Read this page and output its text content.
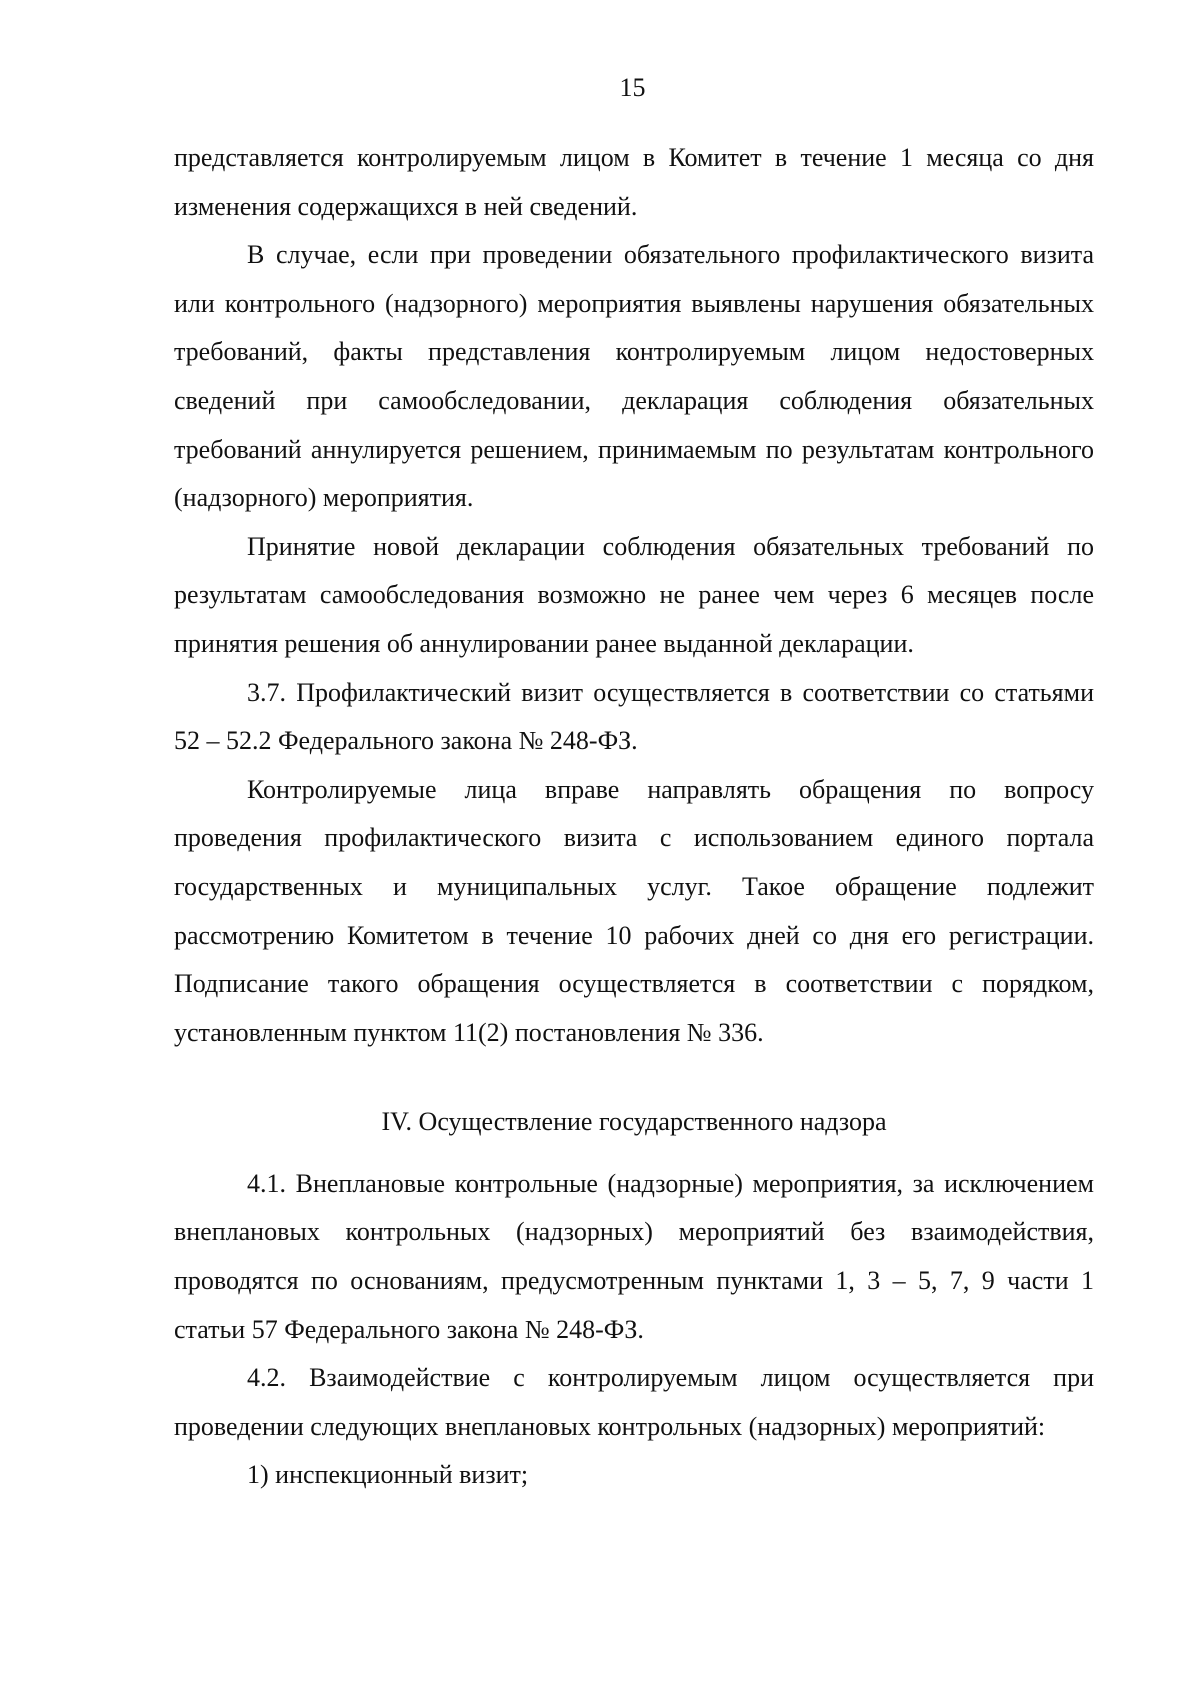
15

представляется контролируемым лицом в Комитет в течение 1 месяца со дня изменения содержащихся в ней сведений.

В случае, если при проведении обязательного профилактического визита или контрольного (надзорного) мероприятия выявлены нарушения обязательных требований, факты представления контролируемым лицом недостоверных сведений при самообследовании, декларация соблюдения обязательных требований аннулируется решением, принимаемым по результатам контрольного (надзорного) мероприятия.

Принятие новой декларации соблюдения обязательных требований по результатам самообследования возможно не ранее чем через 6 месяцев после принятия решения об аннулировании ранее выданной декларации.

3.7. Профилактический визит осуществляется в соответствии со статьями 52 – 52.2 Федерального закона № 248-ФЗ.

Контролируемые лица вправе направлять обращения по вопросу проведения профилактического визита с использованием единого портала государственных и муниципальных услуг. Такое обращение подлежит рассмотрению Комитетом в течение 10 рабочих дней со дня его регистрации. Подписание такого обращения осуществляется в соответствии с порядком, установленным пунктом 11(2) постановления № 336.

IV. Осуществление государственного надзора

4.1. Внеплановые контрольные (надзорные) мероприятия, за исключением внеплановых контрольных (надзорных) мероприятий без взаимодействия, проводятся по основаниям, предусмотренным пунктами 1, 3 – 5, 7, 9 части 1 статьи 57 Федерального закона № 248-ФЗ.

4.2. Взаимодействие с контролируемым лицом осуществляется при проведении следующих внеплановых контрольных (надзорных) мероприятий:

1) инспекционный визит;
